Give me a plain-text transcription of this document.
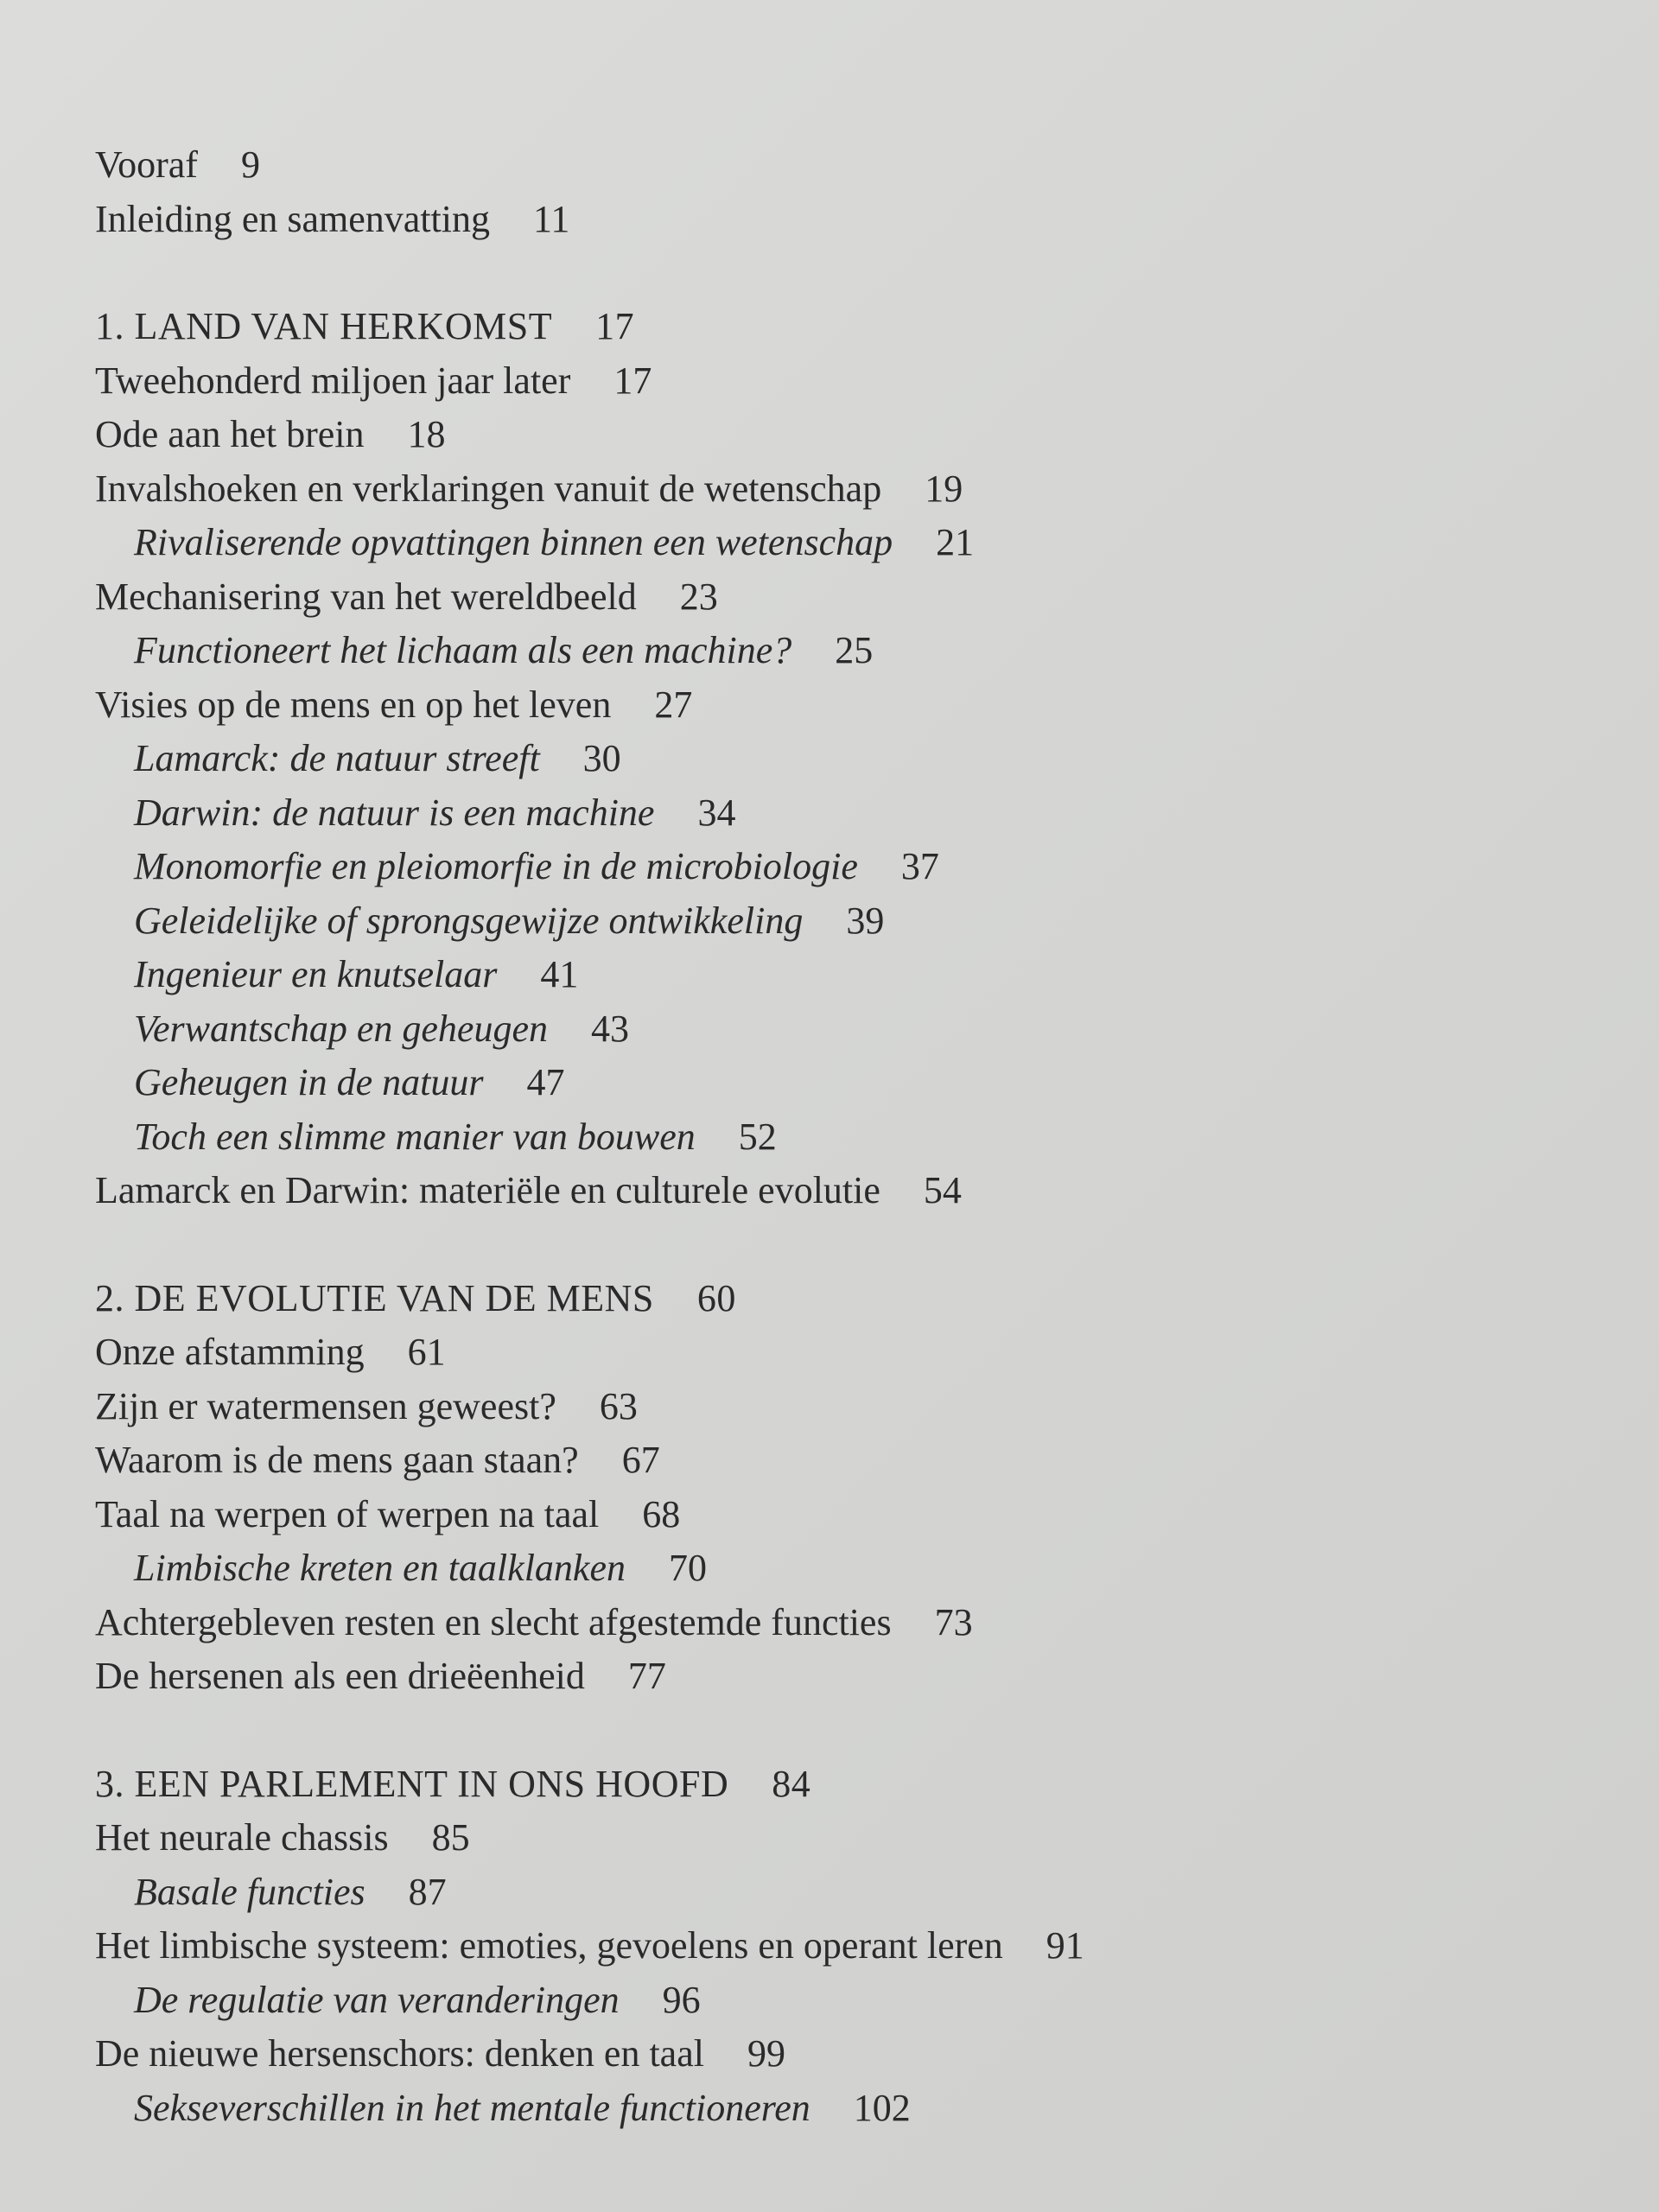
Vooraf 9
Inleiding en samenvatting 11
1. LAND VAN HERKOMST 17
Tweehonderd miljoen jaar later 17
Ode aan het brein 18
Invalshoeken en verklaringen vanuit de wetenschap 19
Rivaliserende opvattingen binnen een wetenschap 21
Mechanisering van het wereldbeeld 23
Functioneert het lichaam als een machine? 25
Visies op de mens en op het leven 27
Lamarck: de natuur streeft 30
Darwin: de natuur is een machine 34
Monomorfie en pleiomorfie in de microbiologie 37
Geleidelijke of sprongsgewijze ontwikkeling 39
Ingenieur en knutselaar 41
Verwantschap en geheugen 43
Geheugen in de natuur 47
Toch een slimme manier van bouwen 52
Lamarck en Darwin: materiële en culturele evolutie 54
2. DE EVOLUTIE VAN DE MENS 60
Onze afstamming 61
Zijn er watermensen geweest? 63
Waarom is de mens gaan staan? 67
Taal na werpen of werpen na taal 68
Limbische kreten en taalklanken 70
Achtergebleven resten en slecht afgestemde functies 73
De hersenen als een drieëenheid 77
3. EEN PARLEMENT IN ONS HOOFD 84
Het neurale chassis 85
Basale functies 87
Het limbische systeem: emoties, gevoelens en operant leren 91
De regulatie van veranderingen 96
De nieuwe hersenschors: denken en taal 99
Sekseverschillen in het mentale functioneren 102
